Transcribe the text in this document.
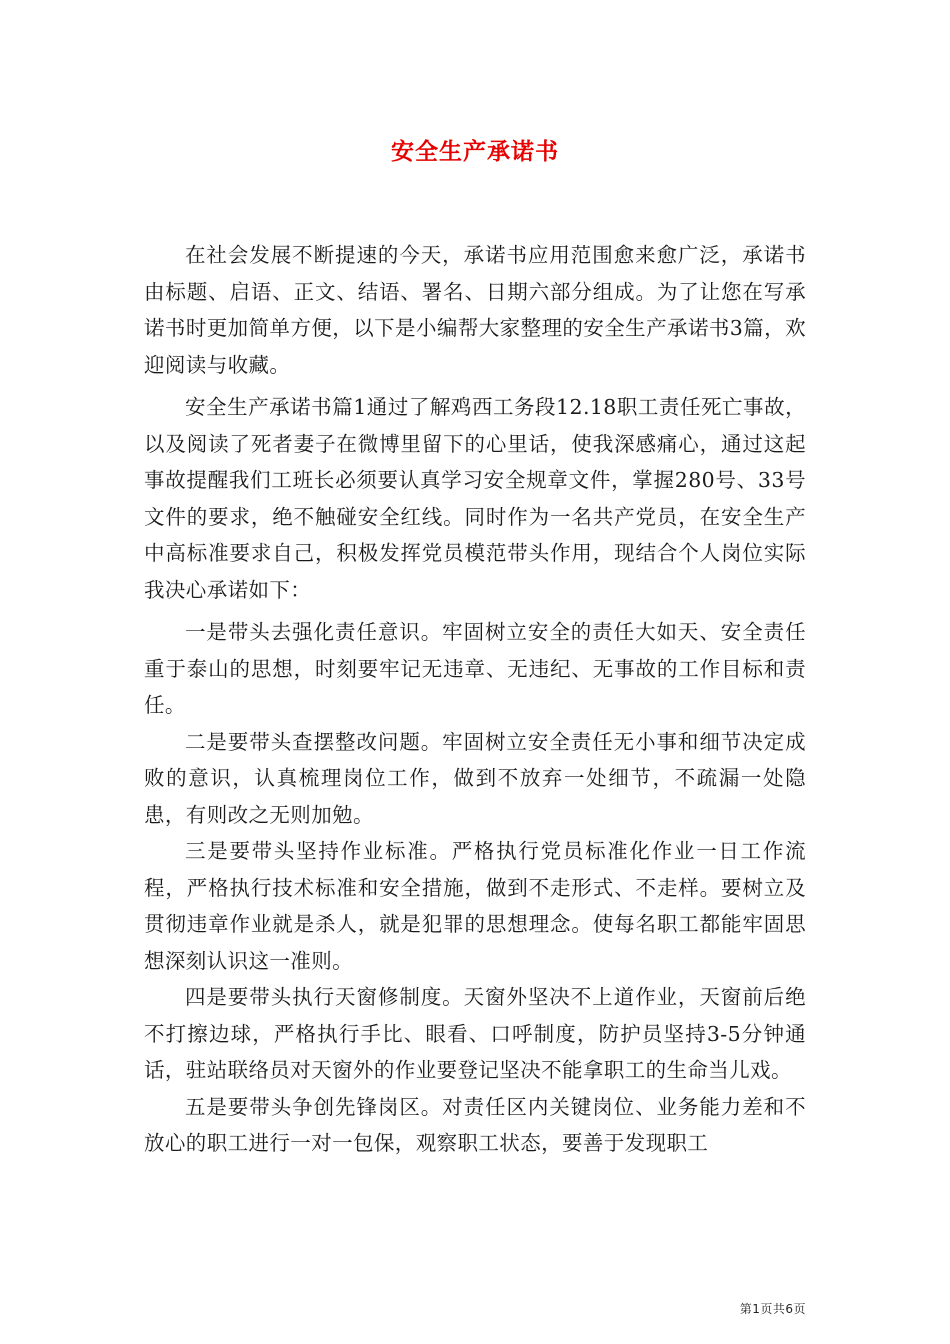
安全生产承诺书

在社会发展不断提速的今天，承诺书应用范围愈来愈广泛，承诺书由标题、启语、正文、结语、署名、日期六部分组成。为了让您在写承诺书时更加简单方便，以下是小编帮大家整理的安全生产承诺书3篇，欢迎阅读与收藏。

安全生产承诺书篇1通过了解鸡西工务段12.18职工责任死亡事故，以及阅读了死者妻子在微博里留下的心里话，使我深感痛心，通过这起事故提醒我们工班长必须要认真学习安全规章文件，掌握280号、33号文件的要求，绝不触碰安全红线。同时作为一名共产党员，在安全生产中高标准要求自己，积极发挥党员模范带头作用，现结合个人岗位实际我决心承诺如下：

一是带头去强化责任意识。牢固树立安全的责任大如天、安全责任重于泰山的思想，时刻要牢记无违章、无违纪、无事故的工作目标和责任。

二是要带头查摆整改问题。牢固树立安全责任无小事和细节决定成败的意识，认真梳理岗位工作，做到不放弃一处细节，不疏漏一处隐患，有则改之无则加勉。

三是要带头坚持作业标准。严格执行党员标准化作业一日工作流程，严格执行技术标准和安全措施，做到不走形式、不走样。要树立及贯彻违章作业就是杀人，就是犯罪的思想理念。使每名职工都能牢固思想深刻认识这一准则。

四是要带头执行天窗修制度。天窗外坚决不上道作业，天窗前后绝不打擦边球，严格执行手比、眼看、口呼制度，防护员坚持3-5分钟通话，驻站联络员对天窗外的作业要登记坚决不能拿职工的生命当儿戏。

五是要带头争创先锋岗区。对责任区内关键岗位、业务能力差和不放心的职工进行一对一包保，观察职工状态，要善于发现职工

第1页共6页
